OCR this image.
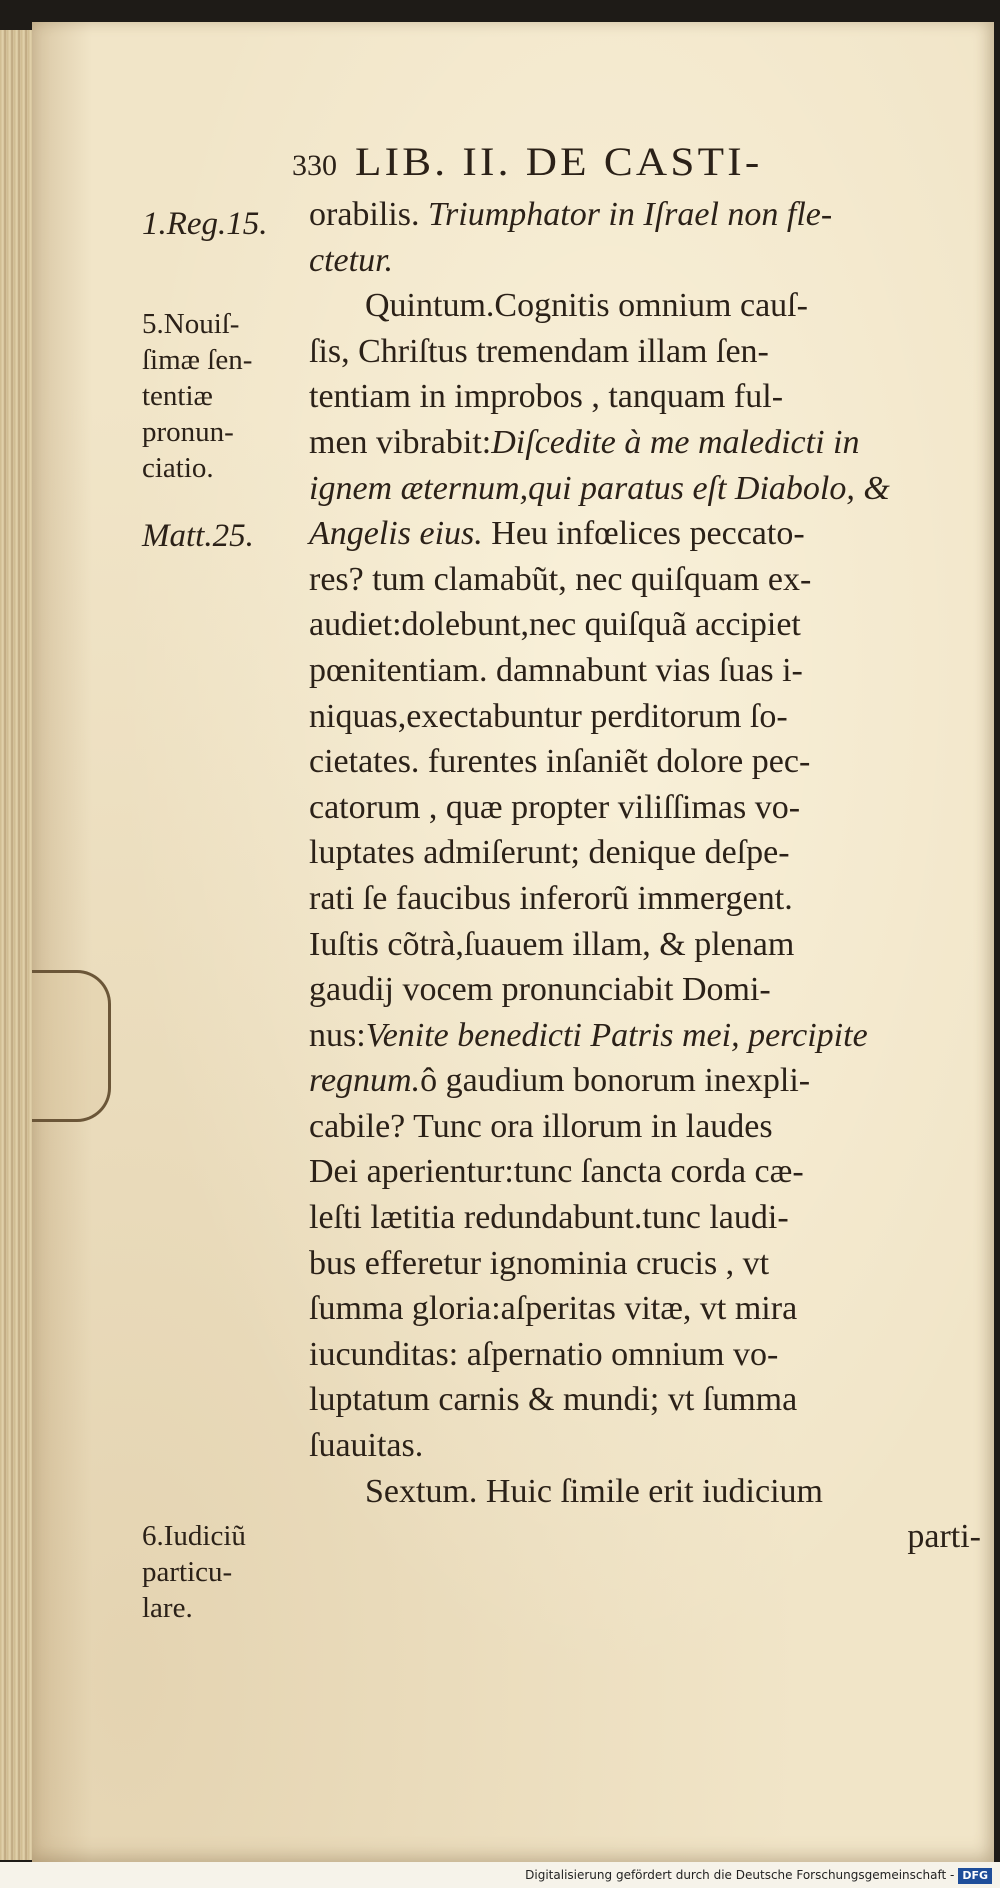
330 LIB. II. DE CASTI-
1.Reg.15.
5.Nouiſ-
ſimæ ſen-
tentiæ
pronun-
ciatio.
Matt.25.
6.Iudiciũ
particu-
lare.
orabilis. Triumphator in Iſrael non fle-
ctetur.
Quintum.Cognitis omnium cauſ-
ſis, Chriſtus tremendam illam ſen-
tentiam in improbos , tanquam ful-
men vibrabit:Diſcedite à me maledicti in
ignem æternum,qui paratus eſt Diabolo, &
Angelis eius. Heu infœlices peccato-
res? tum clamabũt, nec quiſquam ex-
audiet:dolebunt,nec quiſquã accipiet
pœnitentiam. damnabunt vias ſuas i-
niquas,exectabuntur perditorum ſo-
cietates. furentes inſaniẽt dolore pec-
catorum , quæ propter viliſſimas vo-
luptates admiſerunt; denique deſpe-
rati ſe faucibus inferorũ immergent.
Iuſtis cõtrà,ſuauem illam, & plenam
gaudij vocem pronunciabit Domi-
nus:Venite benedicti Patris mei, percipite
regnum.ô gaudium bonorum inexpli-
cabile? Tunc ora illorum in laudes
Dei aperientur:tunc ſancta corda cæ-
leſti lætitia redundabunt.tunc laudi-
bus efferetur ignominia crucis , vt
ſumma gloria:aſperitas vitæ, vt mira
iucunditas: aſpernatio omnium vo-
luptatum carnis & mundi; vt ſumma
ſuauitas.
Sextum. Huic ſimile erit iudicium
parti-
Digitalisierung gefördert durch die Deutsche Forschungsgemeinschaft - DFG
